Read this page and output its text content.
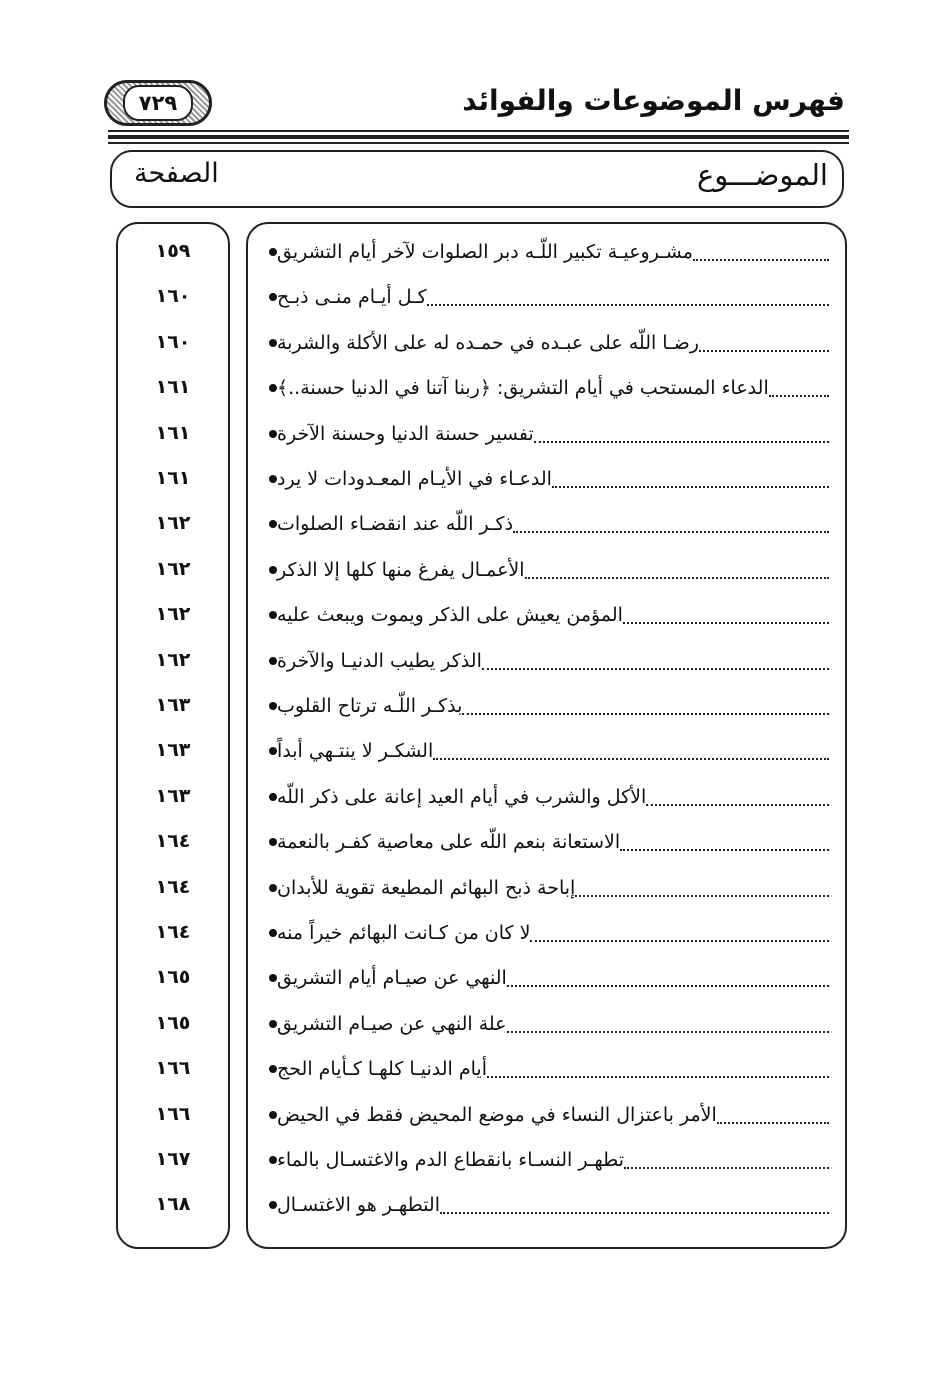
٧٢٩	فهرس الموضوعات والفوائد
الموضـــوع
الصفحة
مشـروعيـة تكبير اللّـه دبر الصلوات لآخر أيام التشريق
١٥٩
كـل أيـام منـى ذبـح
١٦٠
رضـا اللّه على عبـده في حمـده له على الأكلة والشربة
١٦٠
الدعاء المستحب في أيام التشريق: ﴿ربنا آتنا في الدنيا حسنة..﴾
١٦١
تفسير حسنة الدنيا وحسنة الآخرة
١٦١
الدعـاء في الأيـام المعـدودات لا يرد
١٦١
ذكـر اللّه عند انقضـاء الصلوات
١٦٢
الأعمـال يفرغ منها كلها إلا الذكر
١٦٢
المؤمن يعيش على الذكر ويموت ويبعث عليه
١٦٢
الذكر يطيب الدنيـا والآخرة
١٦٢
بذكـر اللّـه ترتاح القلوب
١٦٣
الشكـر لا ينتـهي أبداً
١٦٣
الأكل والشرب في أيام العيد إعانة على ذكر اللّه
١٦٣
الاستعانة بنعم اللّه على معاصية كفـر بالنعمة
١٦٤
إباحة ذبح البهائم المطيعة تقوية للأبدان
١٦٤
لا كان من كـانت البهائم خيراً منه
١٦٤
النهي عن صيـام أيام التشريق
١٦٥
علة النهي عن صيـام التشريق
١٦٥
أيام الدنيـا كلهـا كـأيام الحج
١٦٦
الأمر باعتزال النساء في موضع المحيض فقط في الحيض
١٦٦
تطهـر النسـاء بانقطاع الدم والاغتسـال بالماء
١٦٧
التطهـر هو الاغتسـال
١٦٨
